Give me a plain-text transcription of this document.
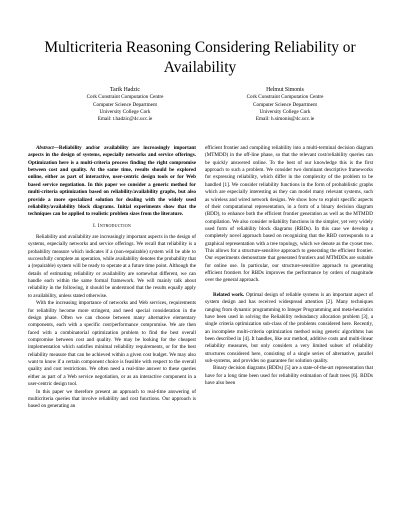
Multicriteria Reasoning Considering Reliability or
Availability
Tarik Hadzic
Cork Constraint Computation Centre
Computer Science Department
University College Cork
Email: t.hadzic@4c.ucc.ie
Helmut Simonis
Cork Constraint Computation Centre
Computer Science Department
University College Cork
Email: h.simonis@4c.ucc.ie

Abstract—Reliability and/or availability are increasingly important aspects in the design of systems, especially networks and service offerings. Optimization here is a multi-criteria process finding the right compromise between cost and quality. At the same time, results should be explored online, either as part of interactive, user-centric design tools or for Web based service negotiation. In this paper we consider a generic method for multi-criteria optimization based on reliability/availability graphs, but also provide a more specialized solution for dealing with the widely used reliability/availability block diagrams. Initial experiments show that the techniques can be applied to realistic problem sizes from the literature.

I. Introduction

Reliability and availability are increasingly important aspects in the design of systems, especially networks and service offerings. We recall that reliability is a probability measure which indicates if a (non-repairable) system will be able to successfully complete an operation, while availability denotes the probability that a (repairable) system will be ready to operate at a future time point. Although the details of estimating reliability or availability are somewhat different, we can handle each within the same formal framework. We will mainly talk about reliability in the following, it should be understood that the results equally apply to availability, unless stated otherwise.

With the increasing importance of networks and Web services, requirements for reliability become more stringent, and need special consideration in the design phase. Often we can choose between many alternative elementary components, each with a specific cost/performance compromise. We are then faced with a combinatorial optimization problem to find the best overall compromise between cost and quality. We may be looking for the cheapest implementation which satisfies minimal reliability requirements, or for the best reliability measure that can be achieved within a given cost budget. We may also want to know if a certain component choice is feasible with respect to the overall quality and cost restrictions. We often need a real-time answer to these queries either as part of a Web service negotiation, or as an interactive component in a user-centric design tool.

In this paper we therefore present an approach to real-time answering of multicriteria queries that involve reliability and cost functions. Our approach is based on generating an

efficient frontier and compiling reliability into a multi-terminal decision diagram (MTMDD) in the off-line phase, so that the relevant cost/reliability queries can be quickly answered online. To the best of our knowledge this is the first approach to such a problem. We consider two dominant descriptive frameworks for expressing reliability, which differ in the complexity of the problem to be handled [1]. We consider reliability functions in the form of probabilistic graphs which are especially interesting as they can model many relevant systems, such as wireless and wired network designs. We show how to exploit specific aspects of their computational representation, in a form of a binary decision diagram (BDD), to enhance both the efficient frontier generation as well as the MTMDD compilation. We also consider reliability functions in the simpler, yet very widely used form of reliability block diagrams (RBDs). In this case we develop a completely novel approach based on recognizing that the RBD corresponds to a graphical representation with a tree topology, which we denote as the cyoset tree. This allows for a structure-sensitive approach to generating the efficient frontier. Our experiments demonstrate that generated frontiers and MTMDDs are suitable for online use. In particular, our structure-sensitive approach to generating efficient frontiers for RBDs improves the performance by orders of magnitude over the general approach.

Related work. Optimal design of reliable systems is an important aspect of system design and has received widespread attention [2]. Many techniques ranging from dynamic programming to Integer Programming and meta-heuristics have been used in solving the Reliability redundancy allocation problem [3], a single criteria optimization sub-class of the problems considered here. Recently, an incomplete multi-criteria optimization method using genetic algorithms has been described in [4]. It handles, like our method, additive costs and multi-linear reliability measures, but only considers a very limited subset of reliability structures considered here, consisting of a single series of alternative, parallel sub-systems, and provides no guarantee for solution quality.

Binary decision diagrams (BDDs) [5] are a state-of-the-art representation that have for a long time been used for reliability estimation of fault trees [6]. BDDs have also been
